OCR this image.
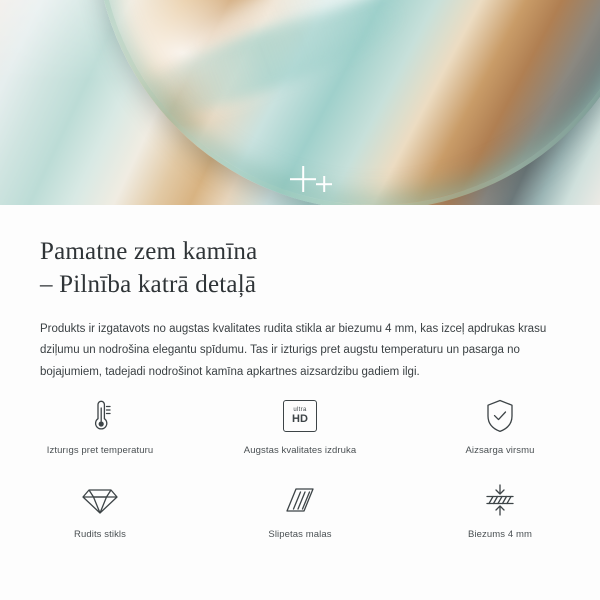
Pamatne zem kamīna
– Pilnība katrā detaļā

Produkts ir izgatavots no augstas kvalitates rudita stikla ar biezumu 4 mm, kas izceļ apdrukas krasu dziļumu un nodrošina elegantu spīdumu. Tas ir izturigs pret augstu temperaturu un pasarga no bojajumiem, tadejadi nodrošinot kamīna apkartnes aizsardzibu gadiem ilgi.

Izturıgs pret temperaturu
ultra
HD
Augstas kvalitates izdruka	Aizsarga virsmu
Rudits stikls	Slipetas malas	Biezums 4 mm
